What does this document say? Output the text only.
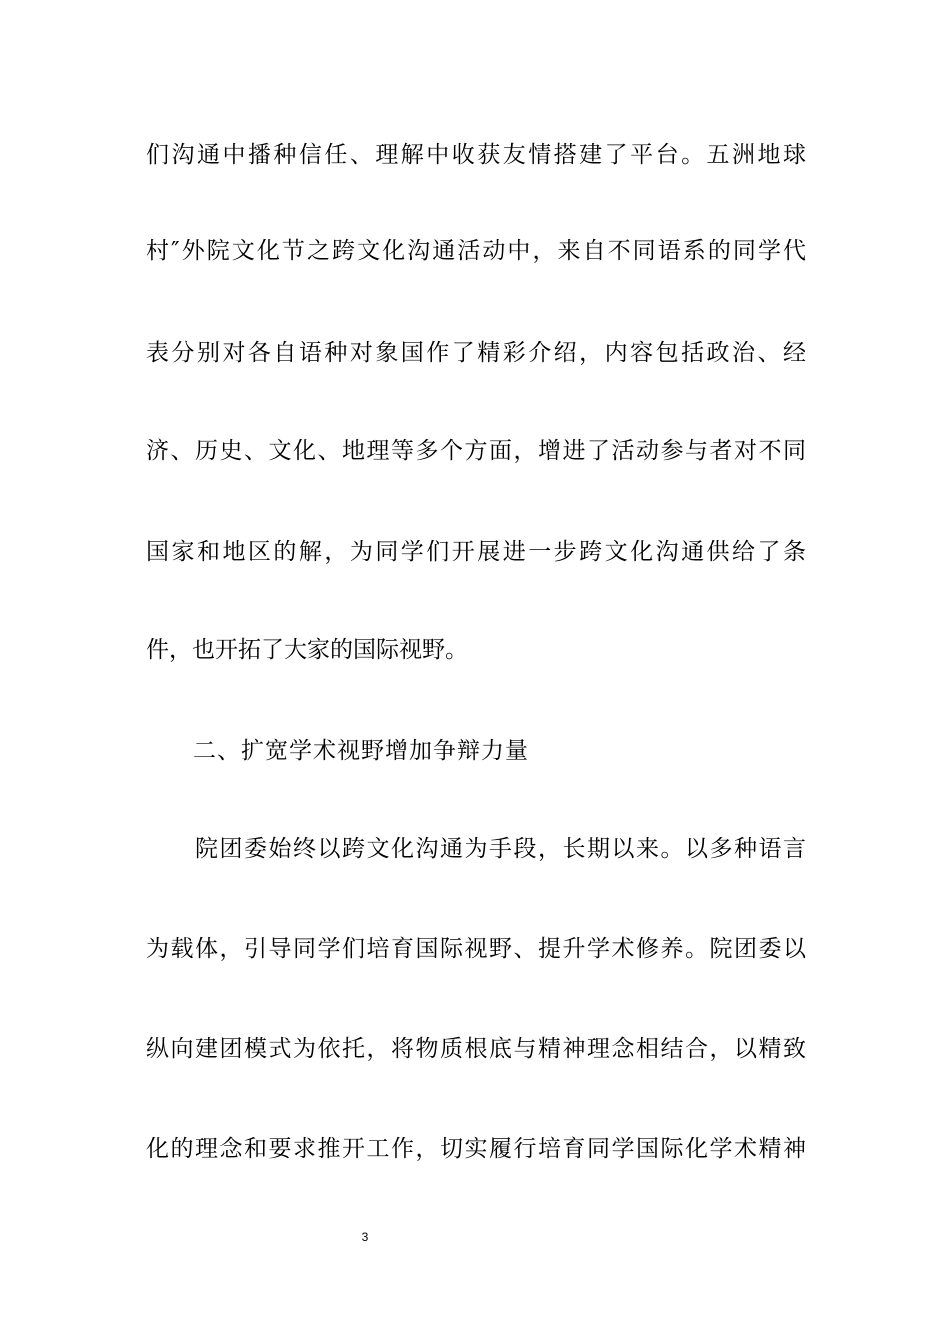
们沟通中播种信任、理解中收获友情搭建了平台。五洲地球
村″外院文化节之跨文化沟通活动中，来自不同语系的同学代
表分别对各自语种对象国作了精彩介绍，内容包括政治、经
济、历史、文化、地理等多个方面，增进了活动参与者对不同
国家和地区的解，为同学们开展进一步跨文化沟通供给了条
件，也开拓了大家的国际视野。
二、扩宽学术视野增加争辩力量
院团委始终以跨文化沟通为手段，长期以来。以多种语言
为载体，引导同学们培育国际视野、提升学术修养。院团委以
纵向建团模式为依托，将物质根底与精神理念相结合，以精致
化的理念和要求推开工作，切实履行培育同学国际化学术精神
3
